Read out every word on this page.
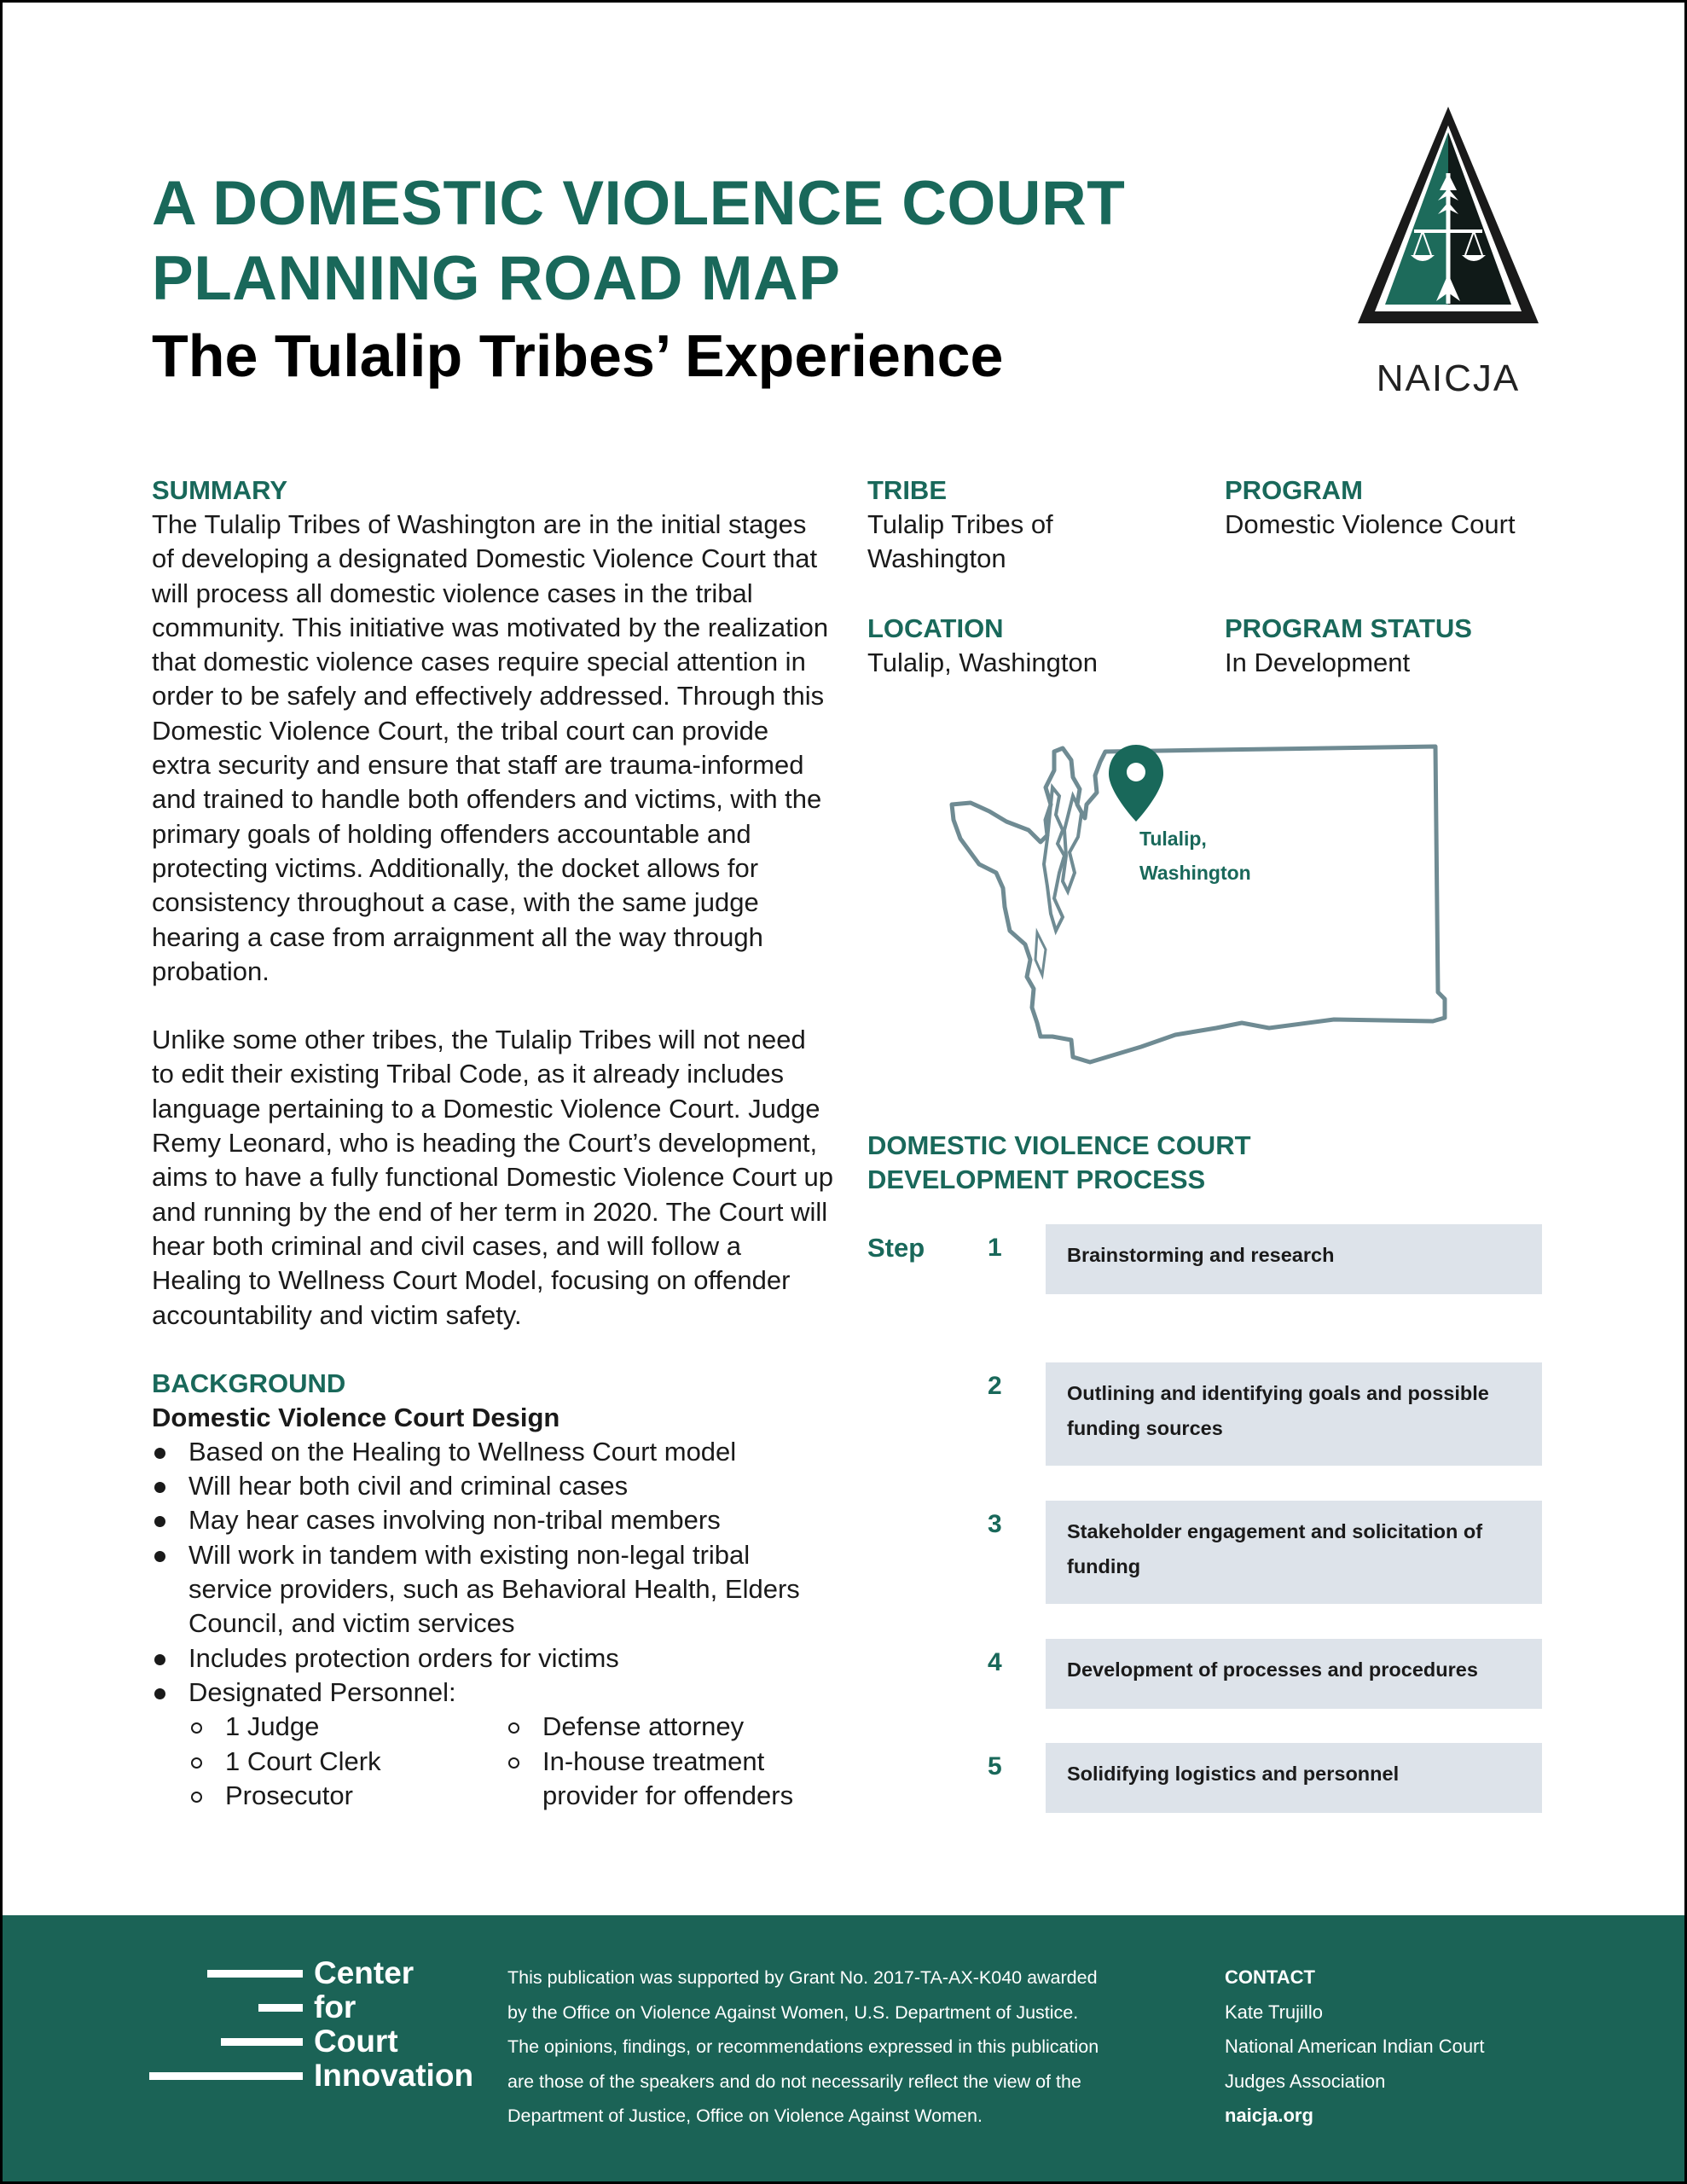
A DOMESTIC VIOLENCE COURT
PLANNING ROAD MAP
The Tulalip Tribes’ Experience	NAICJA
SUMMARY
The Tulalip Tribes of Washington are in the initial stages of developing a designated Domestic Violence Court that will process all domestic violence cases in the tribal community. This initiative was motivated by the realization that domestic violence cases require special attention in order to be safely and effectively addressed. Through this Domestic Violence Court, the tribal court can provide extra security and ensure that staff are trauma-informed and trained to handle both offenders and victims, with the primary goals of holding offenders accountable and protecting victims. Additionally, the docket allows for consistency throughout a case, with the same judge hearing a case from arraignment all the way through probation.
Unlike some other tribes, the Tulalip Tribes will not need to edit their existing Tribal Code, as it already includes language pertaining to a Domestic Violence Court. Judge Remy Leonard, who is heading the Court’s development, aims to have a fully functional Domestic Violence Court up and running by the end of her term in 2020. The Court will hear both criminal and civil cases, and will follow a Healing to Wellness Court Model, focusing on offender accountability and victim safety.
BACKGROUND
Domestic Violence Court Design
Based on the Healing to Wellness Court model
Will hear both civil and criminal cases
May hear cases involving non-tribal members
Will work in tandem with existing non-legal tribal service providers, such as Behavioral Health, Elders Council, and victim services
Includes protection orders for victims
Designated Personnel:
1 Judge
1 Court Clerk
Prosecutor
Defense attorney
In-house treatment provider for offenders
TRIBE
Tulalip Tribes of Washington
PROGRAM
Domestic Violence Court
LOCATION
Tulalip, Washington
PROGRAM STATUS
In Development
Tulalip,
Washington
DOMESTIC VIOLENCE COURT
DEVELOPMENT PROCESS
Step 1	Brainstorming and research
2	Outlining and identifying goals and possible funding sources
3	Stakeholder engagement and solicitation of funding
4	Development of processes and procedures
5	Solidifying logistics and personnel
Center
for
Court
Innovation
This publication was supported by Grant No. 2017-TA-AX-K040 awarded
by the Office on Violence Against Women, U.S. Department of Justice.
The opinions, findings, or recommendations expressed in this publication
are those of the speakers and do not necessarily reflect the view of the
Department of Justice, Office on Violence Against Women.
CONTACT
Kate Trujillo
National American Indian Court
Judges Association
naicja.org
